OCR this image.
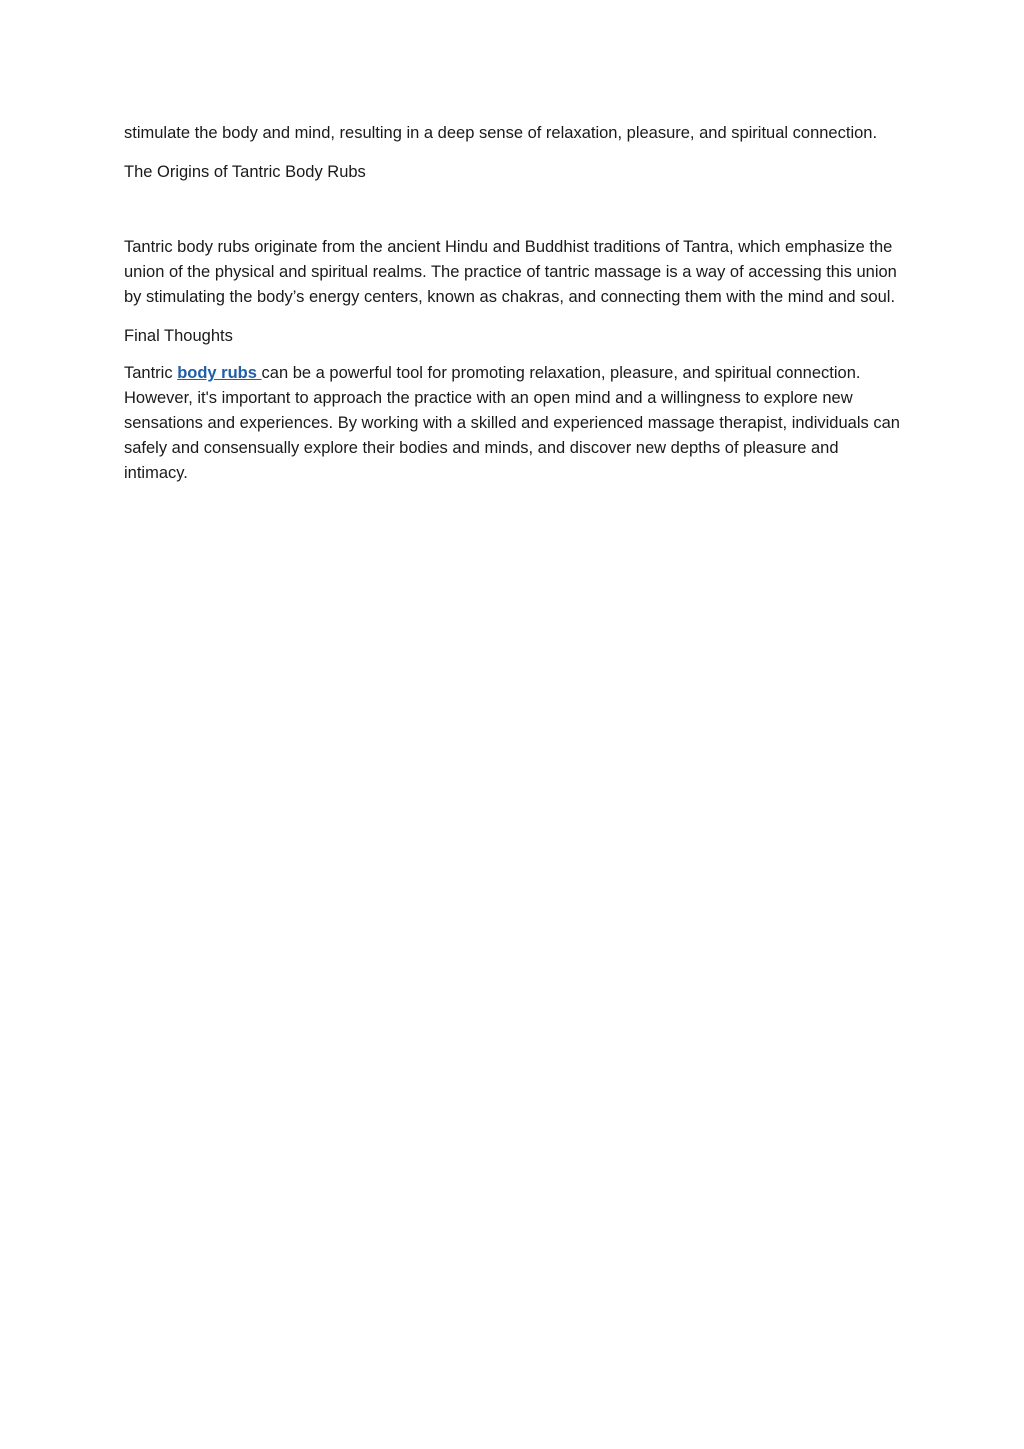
stimulate the body and mind, resulting in a deep sense of relaxation, pleasure, and spiritual connection.

The Origins of Tantric Body Rubs

Tantric body rubs originate from the ancient Hindu and Buddhist traditions of Tantra, which emphasize the union of the physical and spiritual realms. The practice of tantric massage is a way of accessing this union by stimulating the body’s energy centers, known as chakras, and connecting them with the mind and soul.

Final Thoughts

Tantric body rubs can be a powerful tool for promoting relaxation, pleasure, and spiritual connection. However, it's important to approach the practice with an open mind and a willingness to explore new sensations and experiences. By working with a skilled and experienced massage therapist, individuals can safely and consensually explore their bodies and minds, and discover new depths of pleasure and intimacy.
